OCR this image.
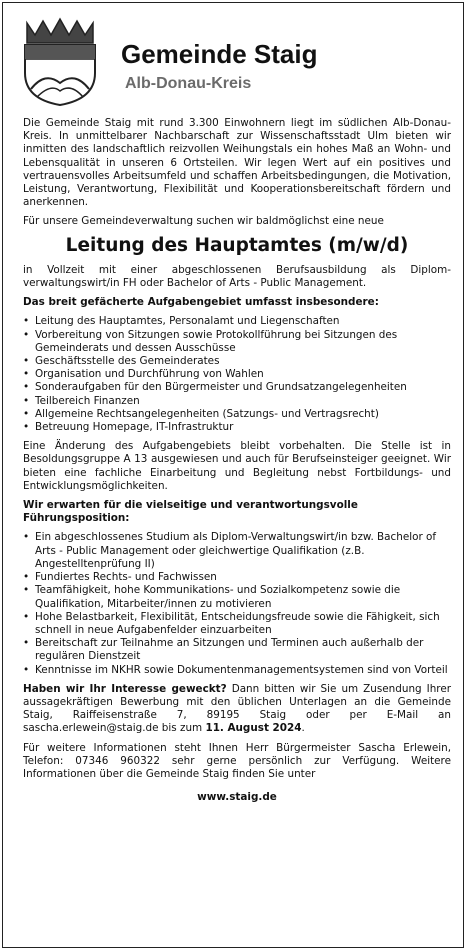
Gemeinde Staig
Alb-Donau-Kreis

Die Gemeinde Staig mit rund 3.300 Einwohnern liegt im südlichen Alb-Donau-Kreis. In unmittelbarer Nachbarschaft zur Wissenschaftsstadt Ulm bieten wir inmitten des landschaftlich reizvollen Weihungstals ein hohes Maß an Wohn- und Lebensqualität in unseren 6 Ortsteilen. Wir legen Wert auf ein positives und vertrauensvolles Arbeitsumfeld und schaffen Arbeitsbedingungen, die Motivation, Leistung, Verantwortung, Flexibilität und Kooperationsbereitschaft fördern und anerkennen.

Für unsere Gemeindeverwaltung suchen wir baldmöglichst eine neue

Leitung des Hauptamtes (m/w/d)

in Vollzeit mit einer abgeschlossenen Berufsausbildung als Diplomverwaltungswirt/in FH oder Bachelor of Arts - Public Management.

Das breit gefächerte Aufgabengebiet umfasst insbesondere:

• Leitung des Hauptamtes, Personalamt und Liegenschaften
• Vorbereitung von Sitzungen sowie Protokollführung bei Sitzungen des Gemeinderats und dessen Ausschüsse
• Geschäftsstelle des Gemeinderates
• Organisation und Durchführung von Wahlen
• Sonderaufgaben für den Bürgermeister und Grundsatzangelegenheiten
• Teilbereich Finanzen
• Allgemeine Rechtsangelegenheiten (Satzungs- und Vertragsrecht)
• Betreuung Homepage, IT-Infrastruktur

Eine Änderung des Aufgabengebiets bleibt vorbehalten. Die Stelle ist in Besoldungsgruppe A 13 ausgewiesen und auch für Berufseinsteiger geeignet. Wir bieten eine fachliche Einarbeitung und Begleitung nebst Fortbildungs- und Entwicklungsmöglichkeiten.

Wir erwarten für die vielseitige und verantwortungsvolle Führungsposition:

• Ein abgeschlossenes Studium als Diplom-Verwaltungswirt/in bzw. Bachelor of Arts - Public Management oder gleichwertige Qualifikation (z.B. Angestelltenprüfung II)
• Fundiertes Rechts- und Fachwissen
• Teamfähigkeit, hohe Kommunikations- und Sozialkompetenz sowie die Qualifikation, Mitarbeiter/innen zu motivieren
• Hohe Belastbarkeit, Flexibilität, Entscheidungsfreude sowie die Fähigkeit, sich schnell in neue Aufgabenfelder einzuarbeiten
• Bereitschaft zur Teilnahme an Sitzungen und Terminen auch außerhalb der regulären Dienstzeit
• Kenntnisse im NKHR sowie Dokumentenmanagementsystemen sind von Vorteil

Haben wir Ihr Interesse geweckt? Dann bitten wir Sie um Zusendung Ihrer aussagekräftigen Bewerbung mit den üblichen Unterlagen an die Gemeinde Staig, Raiffeisenstraße 7, 89195 Staig oder per E-Mail an sascha.erlewein@staig.de bis zum 11. August 2024.

Für weitere Informationen steht Ihnen Herr Bürgermeister Sascha Erlewein, Telefon: 07346 960322 sehr gerne persönlich zur Verfügung. Weitere Informationen über die Gemeinde Staig finden Sie unter

www.staig.de
